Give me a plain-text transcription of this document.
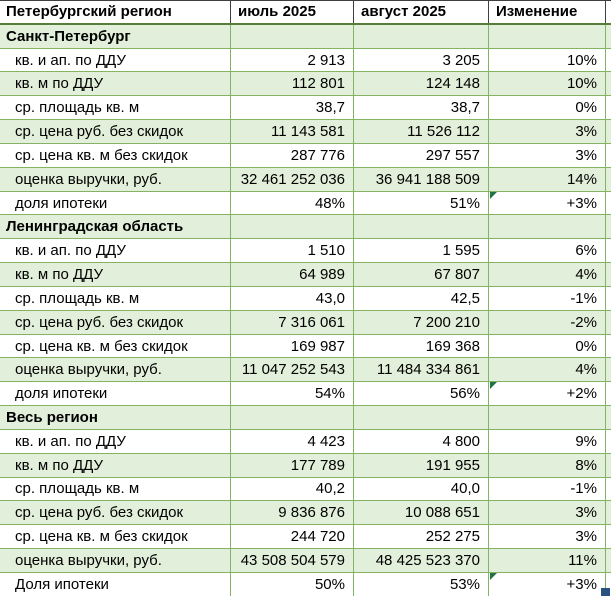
Петербургский регион	июль 2025	август 2025	Изменение
Санкт-Петербург
кв. и ап. по ДДУ	2 913	3 205	10%
кв. м по ДДУ	112 801	124 148	10%
ср. площадь кв. м	38,7	38,7	0%
ср. цена руб. без скидок	11 143 581	11 526 112	3%
ср. цена кв. м без скидок	287 776	297 557	3%
оценка выручки, руб.	32 461 252 036	36 941 188 509	14%
доля ипотеки	48%	51%	+3%
Ленинградская область
кв. и ап. по ДДУ	1 510	1 595	6%
кв. м по ДДУ	64 989	67 807	4%
ср. площадь кв. м	43,0	42,5	-1%
ср. цена руб. без скидок	7 316 061	7 200 210	-2%
ср. цена кв. м без скидок	169 987	169 368	0%
оценка выручки, руб.	11 047 252 543	11 484 334 861	4%
доля ипотеки	54%	56%	+2%
Весь регион
кв. и ап. по ДДУ	4 423	4 800	9%
кв. м по ДДУ	177 789	191 955	8%
ср. площадь кв. м	40,2	40,0	-1%
ср. цена руб. без скидок	9 836 876	10 088 651	3%
ср. цена кв. м без скидок	244 720	252 275	3%
оценка выручки, руб.	43 508 504 579	48 425 523 370	11%
Доля ипотеки	50%	53%	+3%
